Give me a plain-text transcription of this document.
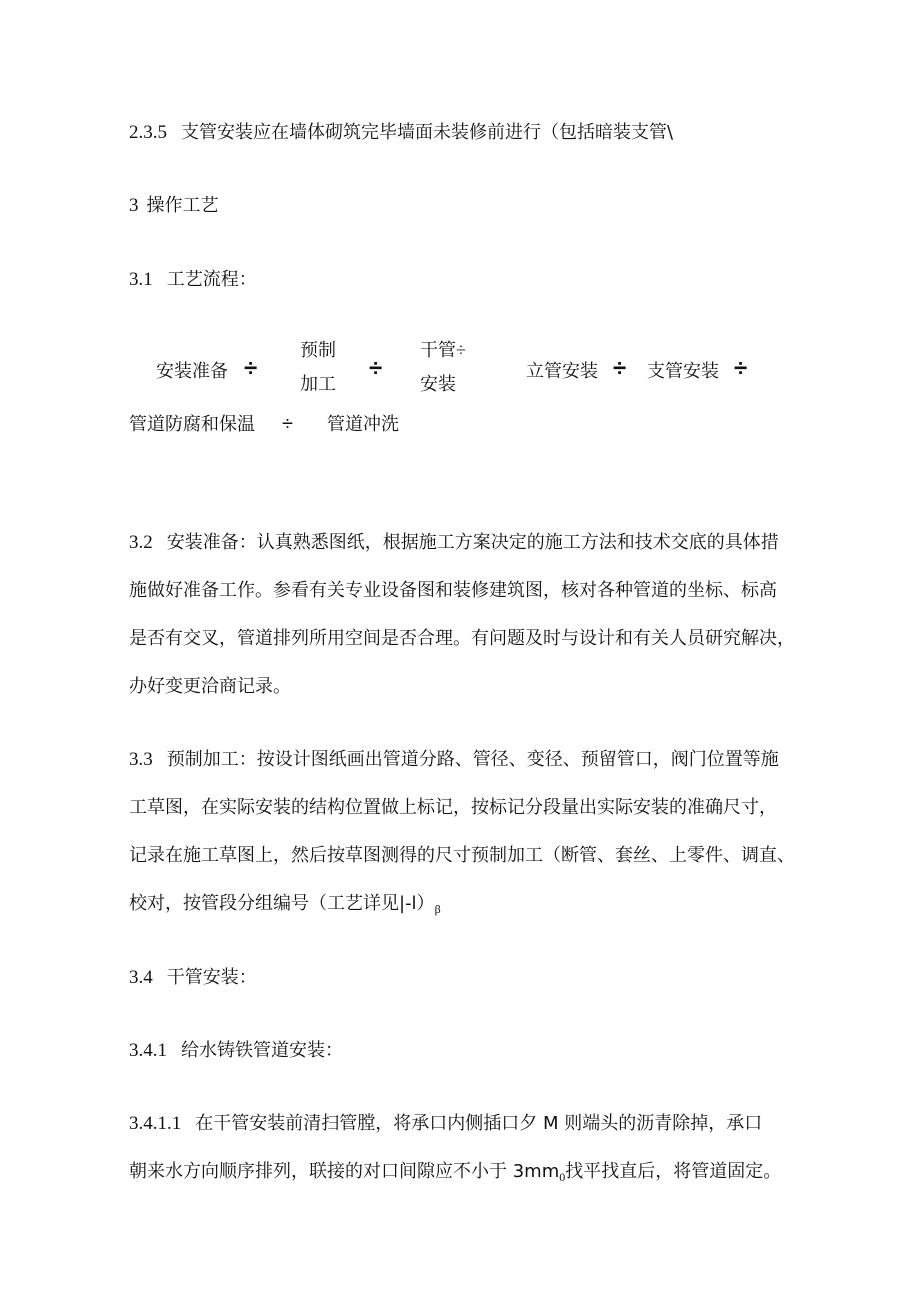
2.3.5 支管安装应在墙体砌筑完毕墙面未装修前进行（包括暗装支管\
3 操作工艺
3.1 工艺流程：
安装准备 ÷
预制
加工
÷
干管÷
安装
立管安装 ÷ 支管安装 ÷
管道防腐和保温 ÷ 管道冲洗
3.2 安装准备：认真熟悉图纸，根据施工方案决定的施工方法和技术交底的具体措
施做好准备工作。参看有关专业设备图和装修建筑图，核对各种管道的坐标、标高
是否有交叉，管道排列所用空间是否合理。有问题及时与设计和有关人员研究解决，
办好变更洽商记录。
3.3 预制加工：按设计图纸画出管道分路、管径、变径、预留管口，阀门位置等施
工草图，在实际安装的结构位置做上标记，按标记分段量出实际安装的准确尺寸，
记录在施工草图上，然后按草图测得的尺寸预制加工（断管、套丝、上零件、调直、
校对，按管段分组编号（工艺详见$|-l)_\beta$
3.4 干管安装：
3.4.1 给水铸铁管道安装：
3.4.1.1 在干管安装前清扫管膛，将承口内侧插口夕 M 则端头的沥青除掉，承口
朝来水方向顺序排列，联接的对口间隙应不小于 $3mm_0$找平找直后，将管道固定。
